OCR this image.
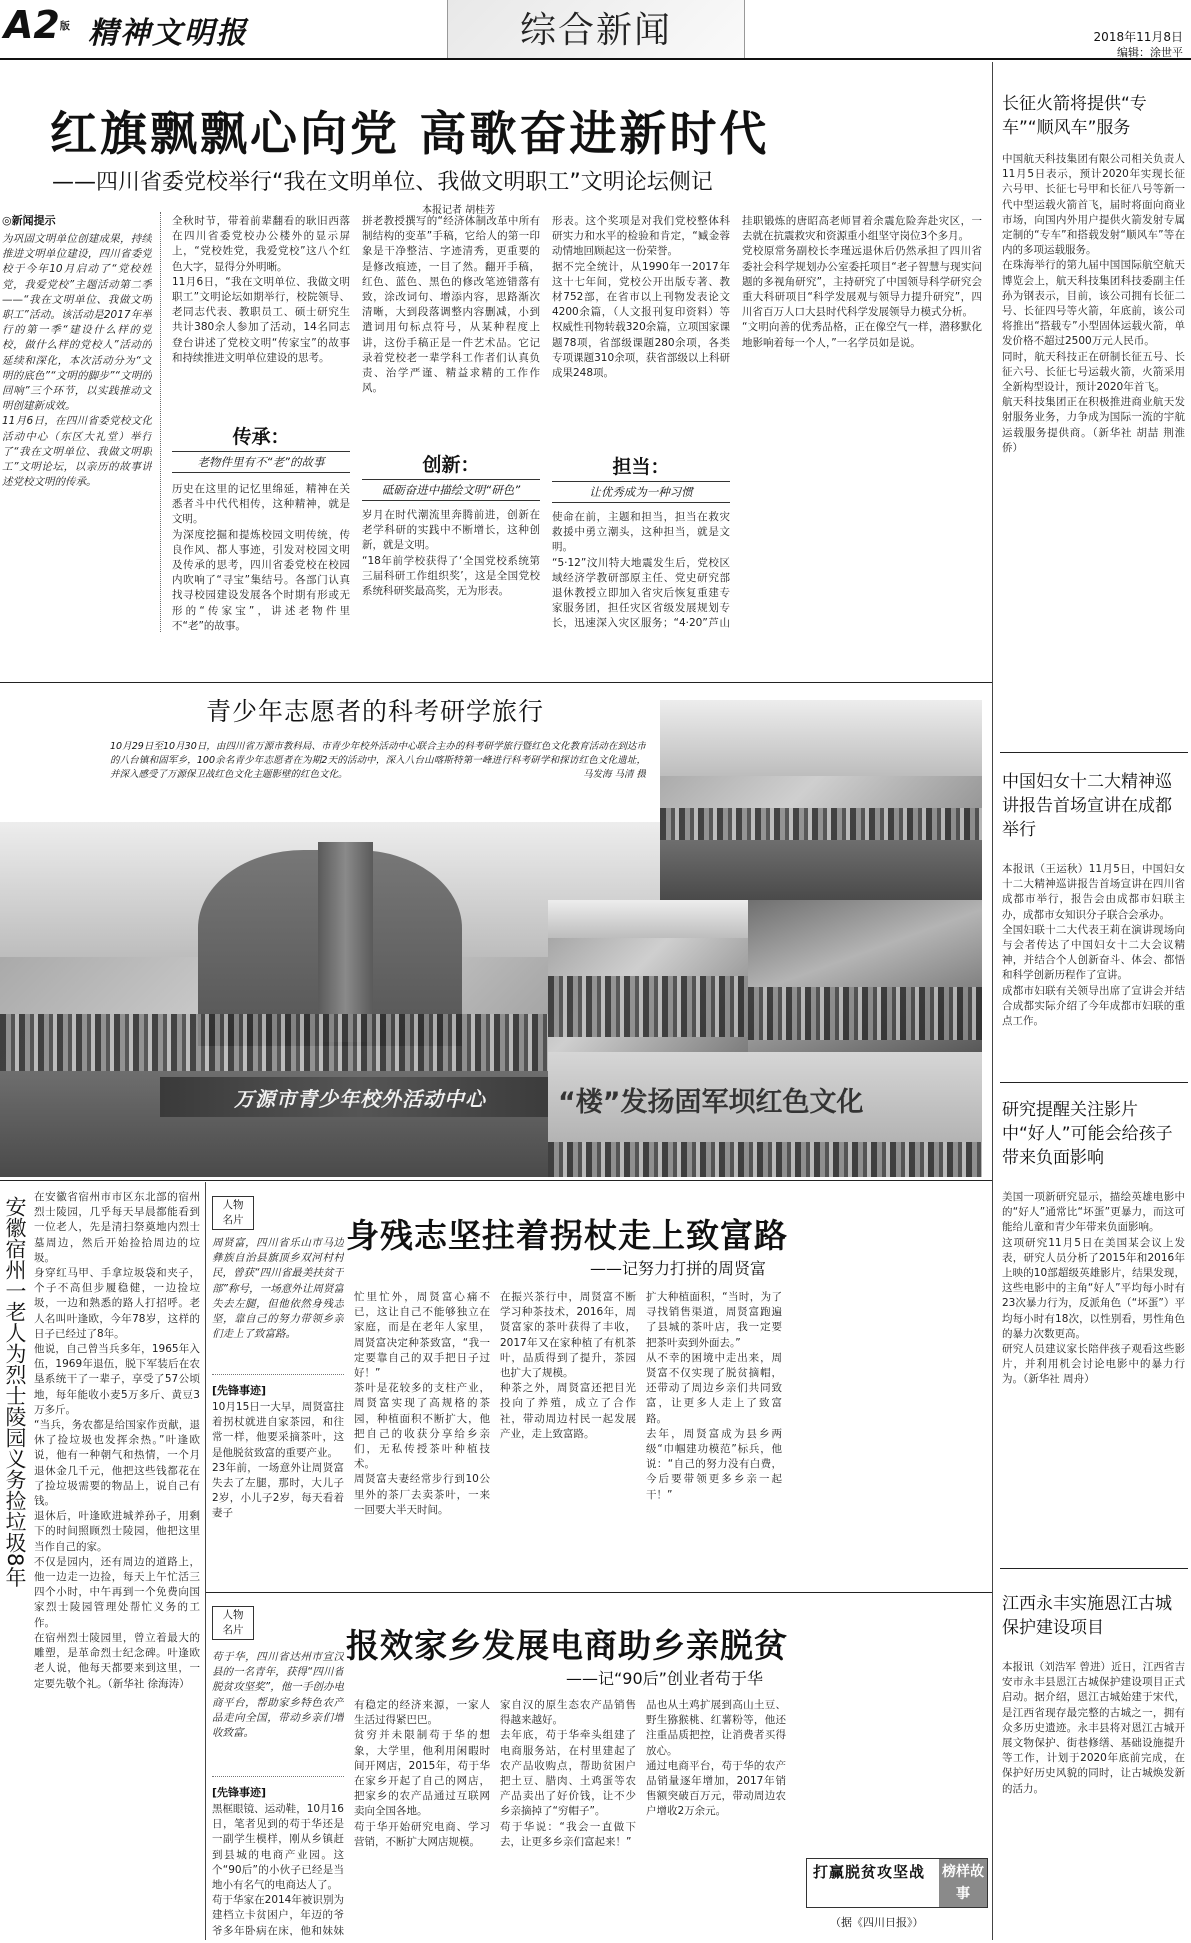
A2版 精神文明报	综合新闻	2018年11月8日
编辑：涂世平
红旗飘飘心向党 高歌奋进新时代
——四川省委党校举行“我在文明单位、我做文明职工”文明论坛侧记
本报记者 胡桂芳
◎新闻提示
为巩固文明单位创建成果，持续推进文明单位建设，四川省委党校于今年10月启动了“党校姓党，我爱党校”主题活动第二季——“我在文明单位、我做文明职工”活动。该活动是2017年举行的第一季“建设什么样的党校，做什么样的党校人”活动的延续和深化，本次活动分为“文明的底色”“文明的脚步”“文明的回响”三个环节，以实践推动文明创建新成效。
11月6日，在四川省委党校文化活动中心（东区大礼堂）举行了“我在文明单位、我做文明职工”文明论坛，以亲历的故事讲述党校文明的传承。
全秋时节，带着前辈翻看的耿旧西落在四川省委党校办公楼外的显示屏上，“党校姓党，我爱党校”这八个红色大字，显得分外明晰。
11月6日，“我在文明单位、我做文明职工”文明论坛如期举行，校院领导、老同志代表、教职员工、硕士研究生共计380余人参加了活动，14名同志登台讲述了党校文明“传家宝”的故事和持续推进文明单位建设的思考。
传承：
老物件里有不“老”的故事
历史在这里的记忆里绵延，精神在关悉者斗中代代相传，这种精神，就是文明。
为深度挖掘和提炼校园文明传统，传良作风、都人事迹，引发对校园文明及传承的思考，四川省委党校在校园内吹响了“寻宝”集结号。各部门认真找寻校园建设发展各个时期有形或无形的“传家宝”，讲述老物件里不“老”的故事。

拼老教授撰写的“经济体制改革中所有制结构的变革”手稿，它给人的第一印象是干净整洁、字迹清秀，更重要的是修改痕迹，一目了然。翻开手稿，红色、蓝色、黑色的修改笔迹错落有致，涂改词句、增添内容，思路渐次清晰，大到段落调整内容删减，小到遣词用句标点符号，从某种程度上讲，这份手稿正是一件艺术品。它记录着党校老一辈学科工作者们认真负责、治学严谨、精益求精的工作作风。
创新：
砥砺奋进中描绘文明“研色”
岁月在时代潮流里奔腾前进，创新在老学科研的实践中不断增长，这种创新，就是文明。
“18年前学校获得了‘全国党校系统第三届科研工作组织奖’，这是全国党校系统科研奖最高奖，无为形表。
形表。这个奖项是对我们党校整体科研实力和水平的检验和肯定，“臧金蓉动情地回顾起这一份荣誉。
据不完全统计，从1990年一2017年这十七年间，党校公开出版专著、教材752部，在省市以上刊物发表论文4200余篇，（人文报刊复印资料）等权威性刊物转载320余篇，立项国家课题78项，省部级课题280余项，各类专项课题310余项，获省部级以上科研成果248项。
担当：
让优秀成为一种习惯
使命在前，主题和担当，担当在救灾救援中勇立潮头，这种担当，就是文明。
“5·12”汶川特大地震发生后，党校区域经济学教研部原主任、党史研究部退休教授立即加入省灾后恢复重建专家服务团，担任灾区省级发展规划专长，迅速深入灾区服务；“4·20”芦山
挂职锻炼的唐昭高老师冒着余震危险奔赴灾区，一去就在抗震救灾和资源重小组坚守岗位3个多月。
党校原常务副校长李瑾远退休后仍然承担了四川省委社会科学规划办公室委托项目“老子智慧与现实问题的多视角研究”，主持研究了中国领导科学研究会重大科研项目“科学发展观与领导力提升研究”，四川省百万人口大县时代科学发展领导力模式分析。
“文明向善的优秀品格，正在像空气一样，潜移默化地影响着每一个人，”一名学员如是说。
长征火箭将提供“专车”“顺风车”服务
中国航天科技集团有限公司相关负责人11月5日表示，预计2020年实现长征六号甲、长征七号甲和长征八号等新一代中型运载火箭首飞，届时将面向商业市场，向国内外用户提供火箭发射专属定制的“专车”和搭载发射“顺风车”等在内的多项运载服务。
在珠海举行的第九届中国国际航空航天博览会上，航天科技集团科技委副主任孙为钢表示，目前，该公司拥有长征二号、长征四号等火箭，年底前，该公司将推出“搭载专”小型固体运载火箭，单发价格不超过2500万元人民币。
同时，航天科技正在研制长征五号、长征六号、长征七号运载火箭，火箭采用全新构型设计，预计2020年首飞。
航天科技集团正在积极推进商业航天发射服务业务，力争成为国际一流的宇航运载服务提供商。（新华社 胡喆 荆淮侨）
中国妇女十二大精神巡讲报告首场宣讲在成都举行
本报讯（王运秋）11月5日，中国妇女十二大精神巡讲报告首场宣讲在四川省成都市举行，报告会由成都市妇联主办，成都市女知识分子联合会承办。
全国妇联十二大代表王莉在演讲现场向与会者传达了中国妇女十二大会议精神，并结合个人创新奋斗、体会、都悟和科学创新历程作了宣讲。
成都市妇联有关领导出席了宣讲会并结合成都实际介绍了今年成都市妇联的重点工作。
研究提醒关注影片中“好人”可能会给孩子带来负面影响
美国一项新研究显示，描绘英雄电影中的“好人”通常比“坏蛋”更暴力，而这可能给儿童和青少年带来负面影响。
这项研究11月5日在美国某会议上发表，研究人员分析了2015年和2016年上映的10部超级英雄影片，结果发现，这些电影中的主角“好人”平均每小时有23次暴力行为，反派角色（“坏蛋”）平均每小时有18次，以性别看，男性角色的暴力次数更高。
研究人员建议家长陪伴孩子观看这些影片，并利用机会讨论电影中的暴力行为。（新华社 周舟）
江西永丰实施恩江古城保护建设项目
本报讯（刘浩军 曾进）近日，江西省吉安市永丰县恩江古城保护建设项目正式启动。据介绍，恩江古城始建于宋代，是江西省现存最完整的古城之一，拥有众多历史遗迹。永丰县将对恩江古城开展文物保护、街巷修缮、基础设施提升等工作，计划于2020年底前完成，在保护好历史风貌的同时，让古城焕发新的活力。
青少年志愿者的科考研学旅行
10月29日至10月30日，由四川省万源市教科局、市青少年校外活动中心联合主办的科考研学旅行暨红色文化教育活动在到达市的八台镇和固军乡，100余名青少年志愿者在为期2天的活动中，深入八台山喀斯特第一峰进行科考研学和探访红色文化遗址，并深入感受了万源保卫战红色文化主题影壁的红色文化。	马发海 马清 摄
万源市青少年校外活动中心	“楼”发扬固军坝红色文化
安徽宿州一老人为烈士陵园义务捡垃圾8年 在安徽省宿州市市区东北部的宿州烈士陵园，几乎每天早晨都能看到一位老人，先是清扫祭奠地内烈士墓周边，然后开始捡拾周边的垃圾。
身穿红马甲、手拿垃圾袋和夹子，个子不高但步履稳健，一边捡垃圾，一边和熟悉的路人打招呼。老人名叫叶逢欧，今年78岁，这样的日子已经过了8年。
他说，自己曾当兵多年，1965年入伍，1969年退伍，脱下军装后在农垦系统干了一辈子，享受了57公顷地，每年能收小麦5万多斤、黄豆3万多斤。
“当兵，务农都是给国家作贡献，退休了捡垃圾也发挥余热。”叶逢欧说，他有一种朝气和热情，一个月退休金几千元，他把这些钱都花在了捡垃圾需要的物品上，说自己有钱。
退休后，叶逢欧进城养孙子，用剩下的时间照顾烈士陵园，他把这里当作自己的家。
不仅是园内，还有周边的道路上，他一边走一边捡，每天上午忙活三四个小时，中午再到一个免费向国家烈士陵园管理处帮忙义务的工作。
在宿州烈士陵园里，曾立着最大的雕塑，是革命烈士纪念碑。叶逢欧老人说，他每天都要来到这里，一定要先敬个礼。（新华社 徐海涛）
人物
名片	身残志坚拄着拐杖走上致富路
——记努力打拼的周贤富
周贤富，四川省乐山市马边彝族自治县旗顶乡双河村村民，曾获“四川省最美扶贫干部”称号，一场意外让周贤富失去左腿，但他依然身残志坚，靠自己的努力带领乡亲们走上了致富路。
[先锋事迹]
10月15日一大早，周贤富拄着拐杖就进自家茶园，和往常一样，他要采摘茶叶，这是他脱贫致富的重要产业。
23年前，一场意外让周贤富失去了左腿，那时，大儿子2岁，小儿子2岁，每天看着妻子
忙里忙外，周贤富心痛不已，这让自己不能够独立在家庭，而是在老年人家里，周贤富决定种茶致富，“我一定要靠自己的双手把日子过好！”
茶叶是花较多的支柱产业，周贤富实现了高规格的茶园，种植面积不断扩大，他把自己的收获分享给乡亲们，无私传授茶叶种植技术。
周贤富夫妻经常步行到10公里外的茶厂去卖茶叶，一来一回要大半天时间。
在振兴茶行中，周贤富不断学习种茶技术，2016年，周贤富家的茶叶获得了丰收，2017年又在家种植了有机茶叶，品质得到了提升，茶园也扩大了规模。
种茶之外，周贤富还把目光投向了养殖，成立了合作社，带动周边村民一起发展产业，走上致富路。
扩大种植面积，“当时，为了寻找销售渠道，周贤富跑遍了县城的茶叶店，我一定要把茶叶卖到外面去。”
从不幸的困境中走出来，周贤富不仅实现了脱贫摘帽，还带动了周边乡亲们共同致富，让更多人走上了致富路。
去年，周贤富成为县乡两级“巾帼建功模范”标兵，他说：“自己的努力没有白费，今后要带领更多乡亲一起干！”
人物
名片	报效家乡发展电商助乡亲脱贫
——记“90后”创业者苟于华
苟于华，四川省达州市宣汉县的一名青年，获得“四川省脱贫攻坚奖”，他一手创办电商平台，帮助家乡特色农产品走向全国，带动乡亲们增收致富。
[先锋事迹]
黑框眼镜、运动鞋，10月16日，笔者见到的苟于华还是一副学生模样，刚从乡镇赶到县城的电商产业园。这个“90后”的小伙子已经是当地小有名气的电商达人了。
苟于华家在2014年被识别为建档立卡贫困户，年迈的爷爷多年卧病在床，他和妹妹
有稳定的经济来源，一家人生活过得紧巴巴。
贫穷并未限制苟于华的想象，大学里，他利用闲暇时间开网店，2015年，苟于华在家乡开起了自己的网店，把家乡的农产品通过互联网卖向全国各地。
苟于华开始研究电商、学习营销，不断扩大网店规模。
家自汉的原生态农产品销售得越来越好。
去年底，苟于华牵头组建了电商服务站，在村里建起了农产品收购点，帮助贫困户把土豆、腊肉、土鸡蛋等农产品卖出了好价钱，让不少乡亲摘掉了“穷帽子”。
苟于华说：“我会一直做下去，让更多乡亲们富起来！”
品也从土鸡扩展到高山土豆、野生猕猴桃、红薯粉等，他还注重品质把控，让消费者买得放心。
通过电商平台，苟于华的农产品销量逐年增加，2017年销售额突破百万元，带动周边农户增收2万余元。
打赢脱贫攻坚战	榜样故事
（据《四川日报》）
